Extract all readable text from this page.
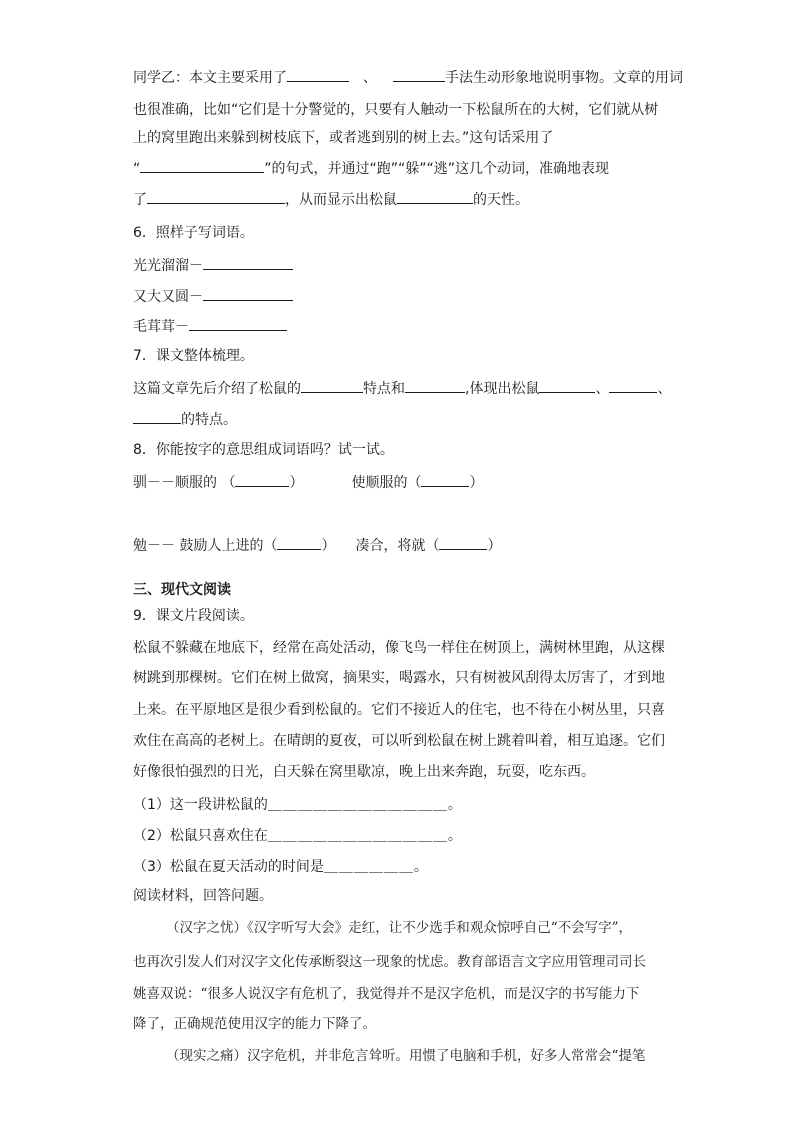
同学乙：本文主要采用了	、	手法生动形象地说明事物。文章的用词
也很准确，比如“它们是十分警觉的，只要有人触动一下松鼠所在的大树，它们就从树
上的窝里跑出来躲到树枝底下，或者逃到别的树上去。”这句话采用了
“	”的句式，并通过“跑”“躲”“逃”这几个动词，准确地表现
了	，从而显示出松鼠	的天性。
6．照样子写词语。
光光溜溜－
又大又圆－
毛茸茸－
7．课文整体梳理。
这篇文章先后介绍了松鼠的	特点和	,体现出松鼠	、	、
的特点。
8．你能按字的意思组成词语吗？试一试。
驯－－顺服的 （	）	使顺服的（	）
勉－－ 鼓励人上进的（	） 凑合，将就（	）
三、现代文阅读
9．课文片段阅读。
松鼠不躲藏在地底下，经常在高处活动，像飞鸟一样住在树顶上，满树林里跑，从这棵
树跳到那棵树。它们在树上做窝，摘果实，喝露水，只有树被风刮得太厉害了，才到地
上来。在平原地区是很少看到松鼠的。它们不接近人的住宅，也不待在小树丛里，只喜
欢住在高高的老树上。在晴朗的夏夜，可以听到松鼠在树上跳着叫着，相互追逐。它们
好像很怕强烈的日光，白天躲在窝里歇凉，晚上出来奔跑，玩耍，吃东西。
（1）这一段讲松鼠的＿＿＿＿＿＿＿＿＿＿＿＿。
（2）松鼠只喜欢住在＿＿＿＿＿＿＿＿＿＿＿＿。
（3）松鼠在夏天活动的时间是＿＿＿＿＿＿。
阅读材料，回答问题。
（汉字之忧）《汉字听写大会》走红，让不少选手和观众惊呼自己“不会写字”，
也再次引发人们对汉字文化传承断裂这一现象的忧虑。教育部语言文字应用管理司司长
姚喜双说：“很多人说汉字有危机了，我觉得并不是汉字危机，而是汉字的书写能力下
降了，正确规范使用汉字的能力下降了。
（现实之痛）汉字危机，并非危言耸听。用惯了电脑和手机，好多人常常会“提笔
